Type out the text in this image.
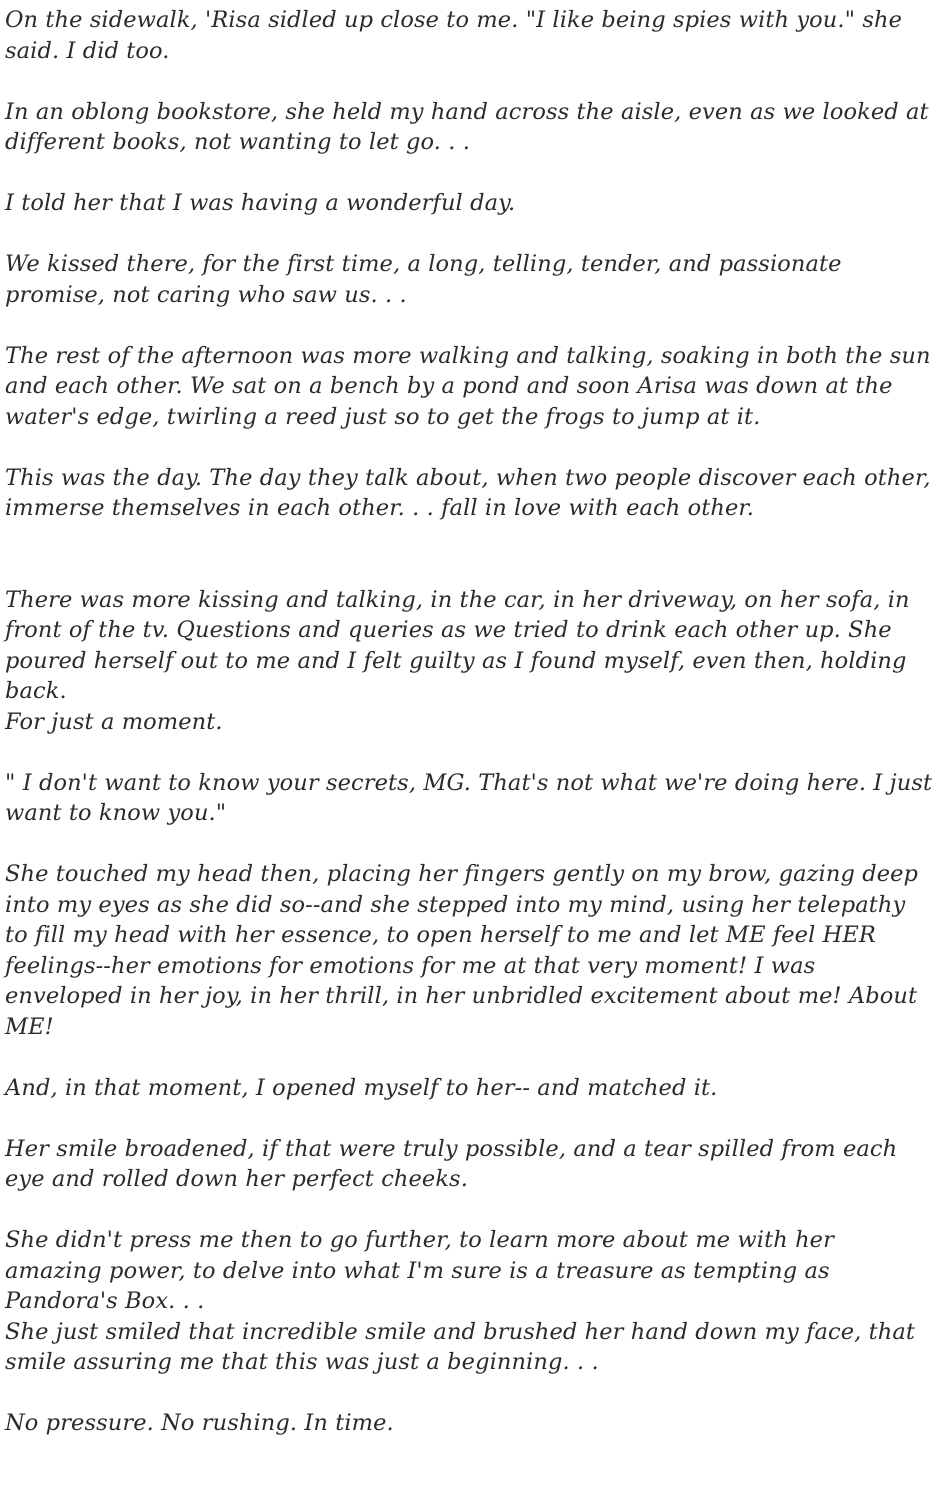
On the sidewalk, 'Risa sidled up close to me. "I like being spies with you." she said. I did too.

In an oblong bookstore, she held my hand across the aisle, even as we looked at different books, not wanting to let go. . .

I told her that I was having a wonderful day.

We kissed there, for the first time, a long, telling, tender, and passionate promise, not caring who saw us. . .

The rest of the afternoon was more walking and talking, soaking in both the sun and each other. We sat on a bench by a pond and soon Arisa was down at the water's edge, twirling a reed just so to get the frogs to jump at it.

This was the day. The day they talk about, when two people discover each other, immerse themselves in each other. . . fall in love with each other.

There was more kissing and talking, in the car, in her driveway, on her sofa, in front of the tv. Questions and queries as we tried to drink each other up. She poured herself out to me and I felt guilty as I found myself, even then, holding back.
For just a moment.

" I don't want to know your secrets, MG. That's not what we're doing here. I just want to know you."

She touched my head then, placing her fingers gently on my brow, gazing deep into my eyes as she did so--and she stepped into my mind, using her telepathy to fill my head with her essence, to open herself to me and let ME feel HER feelings--her emotions for emotions for me at that very moment! I was enveloped in her joy, in her thrill, in her unbridled excitement about me! About ME!

And, in that moment, I opened myself to her-- and matched it.

Her smile broadened, if that were truly possible, and a tear spilled from each eye and rolled down her perfect cheeks.

She didn't press me then to go further, to learn more about me with her amazing power, to delve into what I'm sure is a treasure as tempting as Pandora's Box. . .
She just smiled that incredible smile and brushed her hand down my face, that smile assuring me that this was just a beginning. . .

No pressure. No rushing. In time.
